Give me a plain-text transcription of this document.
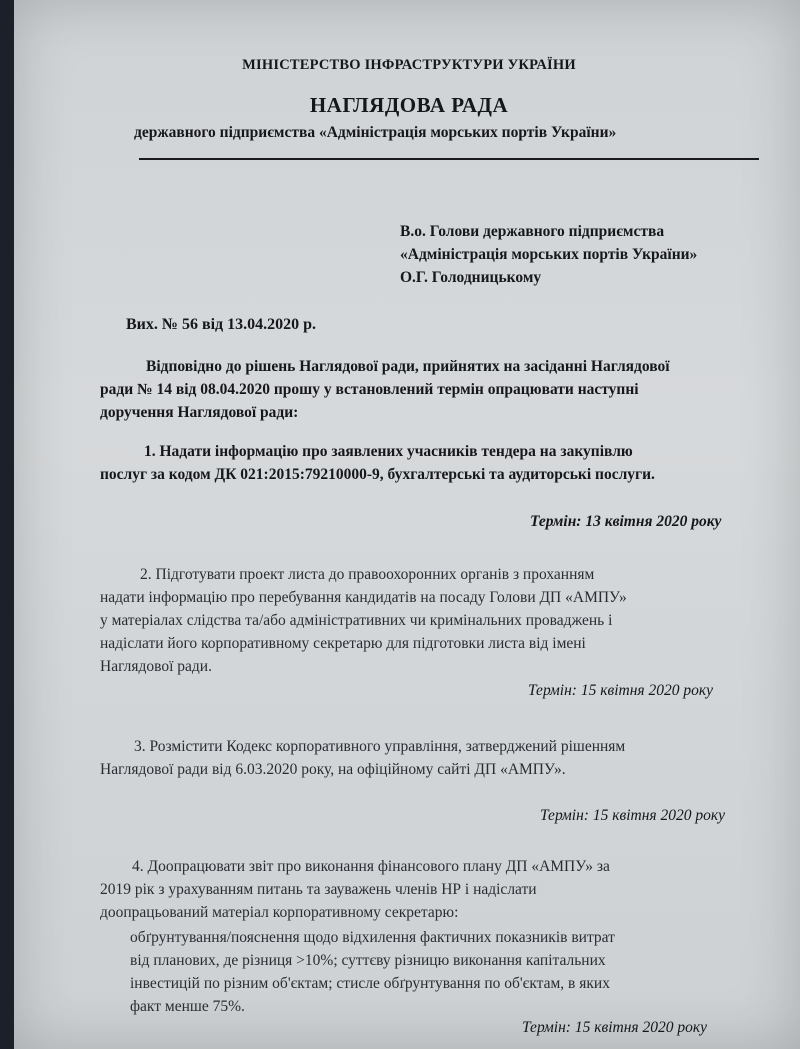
МІНІСТЕРСТВО ІНФРАСТРУКТУРИ УКРАЇНИ
НАГЛЯДОВА РАДА
державного підприємства «Адміністрація морських портів України»
В.о. Голови державного підприємства
«Адміністрація морських портів України»
О.Г. Голодницькому
Вих. № 56 від 13.04.2020 р.
Відповідно до рішень Наглядової ради, прийнятих на засіданні Наглядової
ради № 14 від 08.04.2020 прошу у встановлений термін опрацювати наступні
доручення Наглядової ради:
1. Надати інформацію про заявлених учасників тендера на закупівлю
послуг за кодом ДК 021:2015:79210000-9, бухгалтерські та аудиторські послуги.
Термін: 13 квітня 2020 року
2. Підготувати проект листа до правоохоронних органів з проханням
надати інформацію про перебування кандидатів на посаду Голови ДП «АМПУ»
у матеріалах слідства та/або адміністративних чи кримінальних проваджень і
надіслати його корпоративному секретарю для підготовки листа від імені
Наглядової ради.
Термін: 15 квітня 2020 року
3. Розмістити Кодекс корпоративного управління, затверджений рішенням
Наглядової ради від 6.03.2020 року, на офіційному сайті ДП «АМПУ».
Термін: 15 квітня 2020 року
4. Доопрацювати звіт про виконання фінансового плану ДП «АМПУ» за
2019 рік з урахуванням питань та зауважень членів НР і надіслати
доопрацьований матеріал корпоративному секретарю:
обґрунтування/пояснення щодо відхилення фактичних показників витрат
від планових, де різниця >10%; суттєву різницю виконання капітальних
інвестицій по різним об'єктам; стисле обґрунтування по об'єктам, в яких
факт менше 75%.
Термін: 15 квітня 2020 року
